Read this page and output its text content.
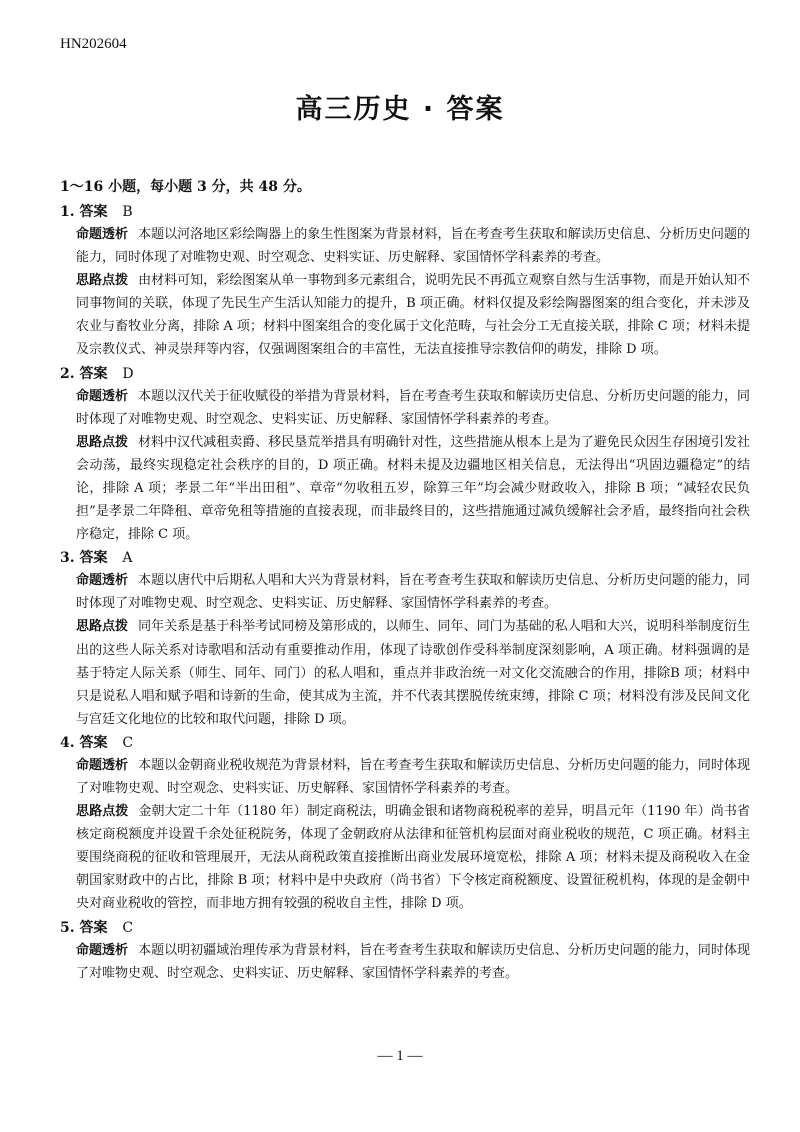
HN202604
高三历史 · 答案
1～16 小题，每小题 3 分，共 48 分。
1. 答案 B
命题透析 本题以河洛地区彩绘陶器上的象生性图案为背景材料，旨在考查考生获取和解读历史信息、分析历史问题的能力，同时体现了对唯物史观、时空观念、史料实证、历史解释、家国情怀学科素养的考查。
思路点拨 由材料可知，彩绘图案从单一事物到多元素组合，说明先民不再孤立观察自然与生活事物，而是开始认知不同事物间的关联，体现了先民生产生活认知能力的提升，B 项正确。材料仅提及彩绘陶器图案的组合变化，并未涉及农业与畜牧业分离，排除 A 项；材料中图案组合的变化属于文化范畴，与社会分工无直接关联，排除 C 项；材料未提及宗教仪式、神灵崇拜等内容，仅强调图案组合的丰富性，无法直接推导宗教信仰的萌发，排除 D 项。
2. 答案 D
命题透析 本题以汉代关于征收赋役的举措为背景材料，旨在考查考生获取和解读历史信息、分析历史问题的能力，同时体现了对唯物史观、时空观念、史料实证、历史解释、家国情怀学科素养的考查。
思路点拨 材料中汉代减租卖爵、移民垦荒举措具有明确针对性，这些措施从根本上是为了避免民众因生存困境引发社会动荡，最终实现稳定社会秩序的目的，D 项正确。材料未提及边疆地区相关信息，无法得出“巩固边疆稳定”的结论，排除 A 项；孝景二年“半出田租”、章帝“勿收租五岁，除算三年”均会减少财政收入，排除 B 项；“减轻农民负担”是孝景二年降租、章帝免租等措施的直接表现，而非最终目的，这些措施通过减负缓解社会矛盾，最终指向社会秩序稳定，排除 C 项。
3. 答案 A
命题透析 本题以唐代中后期私人唱和大兴为背景材料，旨在考查考生获取和解读历史信息、分析历史问题的能力，同时体现了对唯物史观、时空观念、史料实证、历史解释、家国情怀学科素养的考查。
思路点拨 同年关系是基于科举考试同榜及第形成的，以师生、同年、同门为基础的私人唱和大兴，说明科举制度衍生出的这些人际关系对诗歌唱和活动有重要推动作用，体现了诗歌创作受科举制度深刻影响，A 项正确。材料强调的是基于特定人际关系（师生、同年、同门）的私人唱和，重点并非政治统一对文化交流融合的作用，排除B 项；材料中只是说私人唱和赋予唱和诗新的生命，使其成为主流，并不代表其摆脱传统束缚，排除 C 项；材料没有涉及民间文化与宫廷文化地位的比较和取代问题，排除 D 项。
4. 答案 C
命题透析 本题以金朝商业税收规范为背景材料，旨在考查考生获取和解读历史信息、分析历史问题的能力，同时体现了对唯物史观、时空观念、史料实证、历史解释、家国情怀学科素养的考查。
思路点拨 金朝大定二十年（1180 年）制定商税法，明确金银和诸物商税税率的差异，明昌元年（1190 年）尚书省核定商税额度并设置千余处征税院务，体现了金朝政府从法律和征管机构层面对商业税收的规范，C 项正确。材料主要围绕商税的征收和管理展开，无法从商税政策直接推断出商业发展环境宽松，排除 A 项；材料未提及商税收入在金朝国家财政中的占比，排除 B 项；材料中是中央政府（尚书省）下令核定商税额度、设置征税机构，体现的是金朝中央对商业税收的管控，而非地方拥有较强的税收自主性，排除 D 项。
5. 答案 C
命题透析 本题以明初疆域治理传承为背景材料，旨在考查考生获取和解读历史信息、分析历史问题的能力，同时体现了对唯物史观、时空观念、史料实证、历史解释、家国情怀学科素养的考查。
— 1 —
